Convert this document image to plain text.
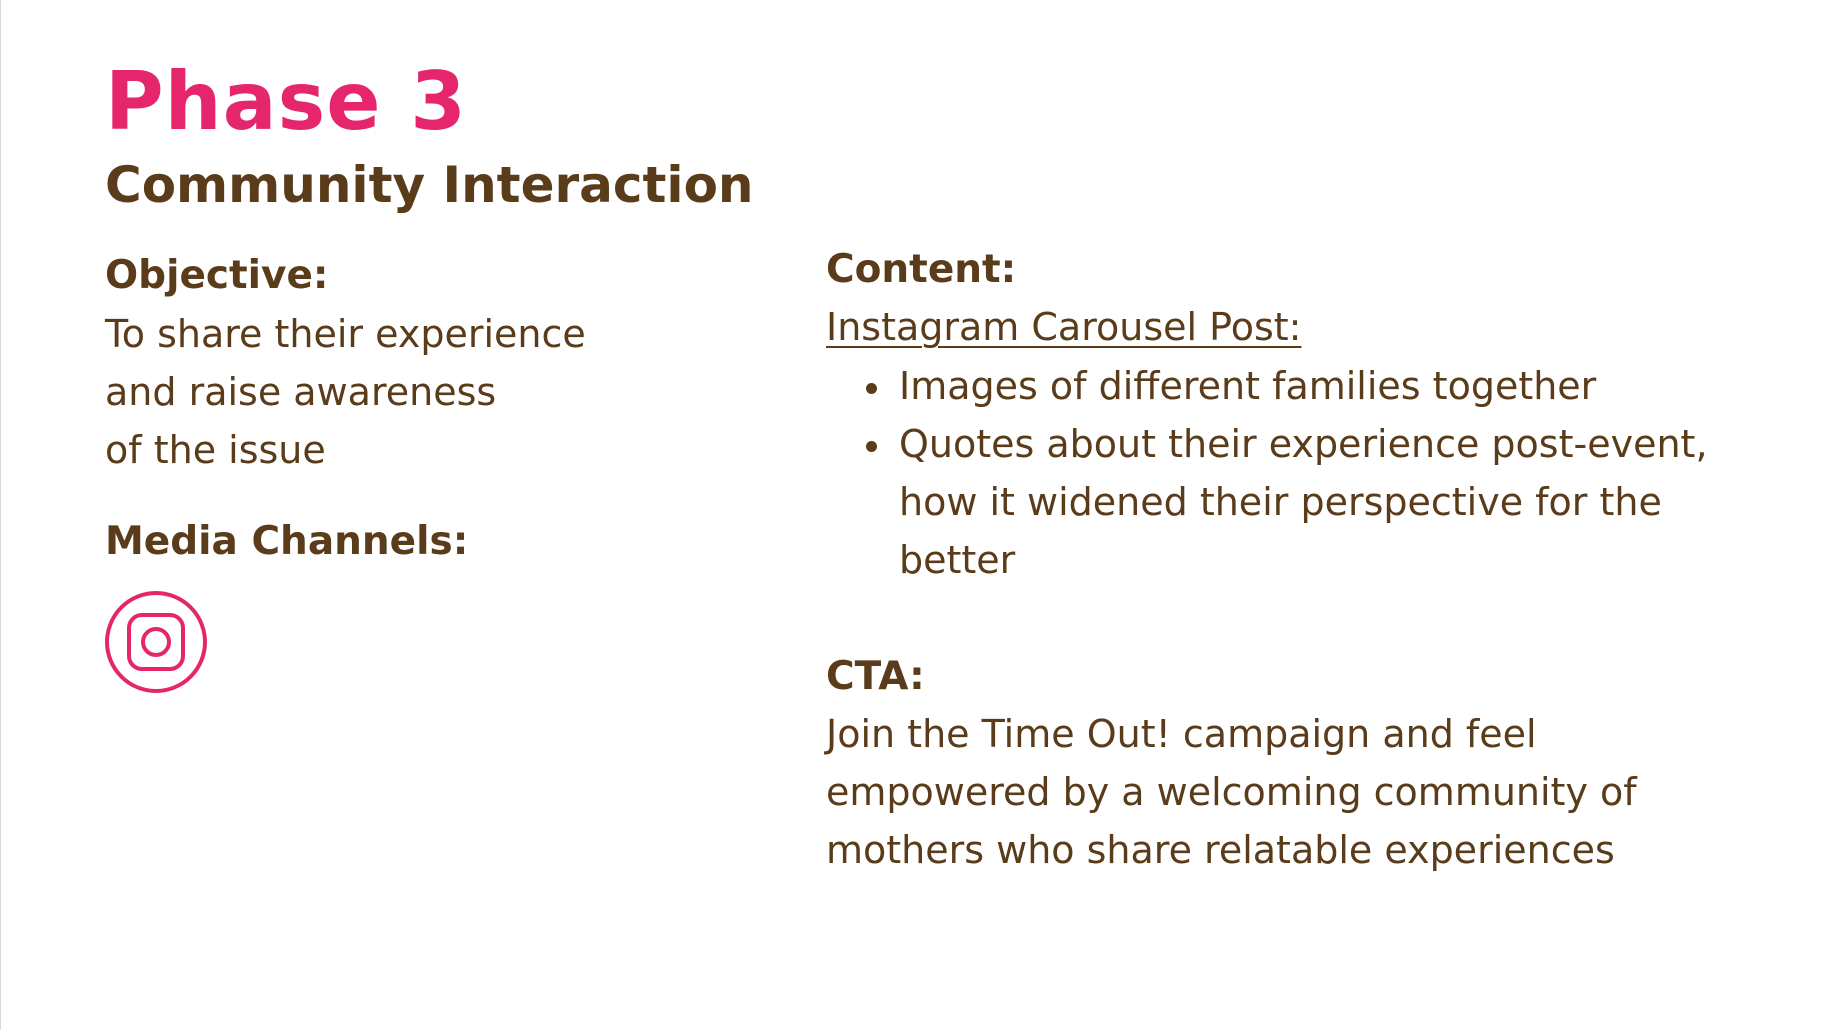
Phase 3
Community Interaction
Objective:
To share their experience
and raise awareness
of the issue
Media Channels:
Content:
Instagram Carousel Post:
Images of different families together
Quotes about their experience post-event, how it widened their perspective for the better
CTA:
Join the Time Out! campaign and feel
empowered by a welcoming community of
mothers who share relatable experiences
